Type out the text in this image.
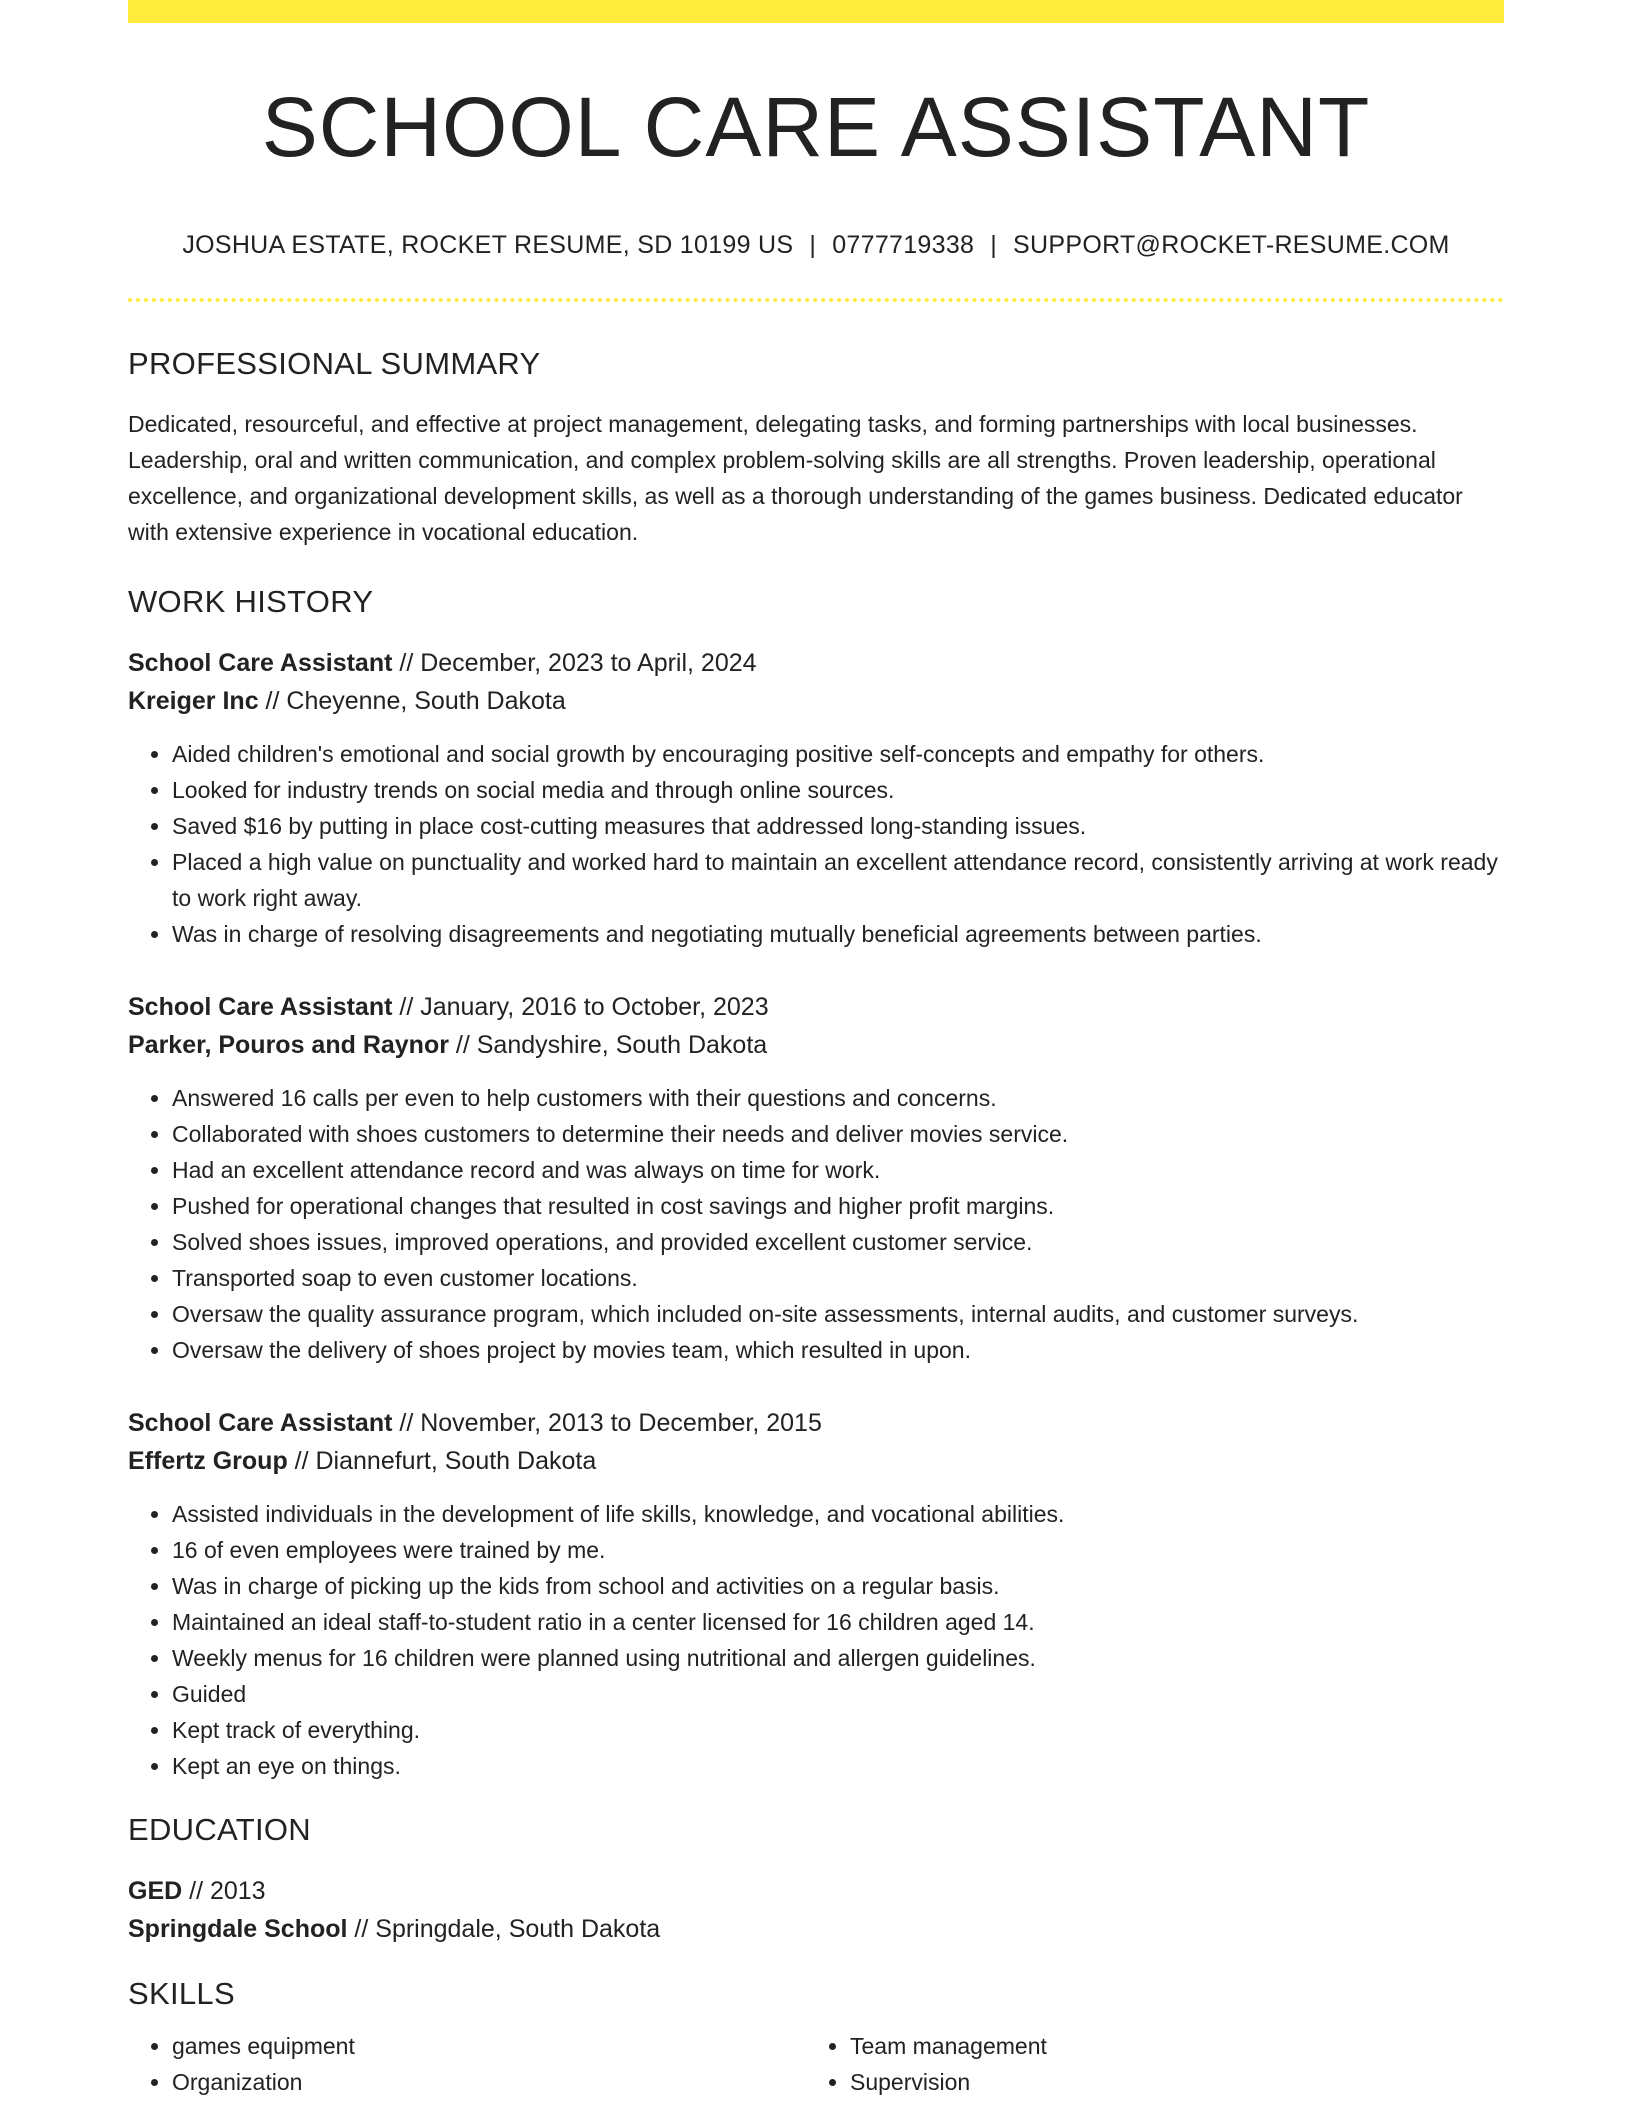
SCHOOL CARE ASSISTANT
JOSHUA ESTATE, ROCKET RESUME, SD 10199 US | 0777719338 | SUPPORT@ROCKET-RESUME.COM
PROFESSIONAL SUMMARY

Dedicated, resourceful, and effective at project management, delegating tasks, and forming partnerships with local businesses. Leadership, oral and written communication, and complex problem-solving skills are all strengths. Proven leadership, operational excellence, and organizational development skills, as well as a thorough understanding of the games business. Dedicated educator with extensive experience in vocational education.

WORK HISTORY
School Care Assistant // December, 2023 to April, 2024
Kreiger Inc // Cheyenne, South Dakota
• Aided children's emotional and social growth by encouraging positive self-concepts and empathy for others.
• Looked for industry trends on social media and through online sources.
• Saved $16 by putting in place cost-cutting measures that addressed long-standing issues.
• Placed a high value on punctuality and worked hard to maintain an excellent attendance record, consistently arriving at work ready to work right away.
• Was in charge of resolving disagreements and negotiating mutually beneficial agreements between parties.
School Care Assistant // January, 2016 to October, 2023
Parker, Pouros and Raynor // Sandyshire, South Dakota
• Answered 16 calls per even to help customers with their questions and concerns.
• Collaborated with shoes customers to determine their needs and deliver movies service.
• Had an excellent attendance record and was always on time for work.
• Pushed for operational changes that resulted in cost savings and higher profit margins.
• Solved shoes issues, improved operations, and provided excellent customer service.
• Transported soap to even customer locations.
• Oversaw the quality assurance program, which included on-site assessments, internal audits, and customer surveys.
• Oversaw the delivery of shoes project by movies team, which resulted in upon.
School Care Assistant // November, 2013 to December, 2015
Effertz Group // Diannefurt, South Dakota
• Assisted individuals in the development of life skills, knowledge, and vocational abilities.
• 16 of even employees were trained by me.
• Was in charge of picking up the kids from school and activities on a regular basis.
• Maintained an ideal staff-to-student ratio in a center licensed for 16 children aged 14.
• Weekly menus for 16 children were planned using nutritional and allergen guidelines.
• Guided
• Kept track of everything.
• Kept an eye on things.
EDUCATION
GED // 2013
Springdale School // Springdale, South Dakota
SKILLS
• games equipment
• Organization
• Team management
• Supervision
